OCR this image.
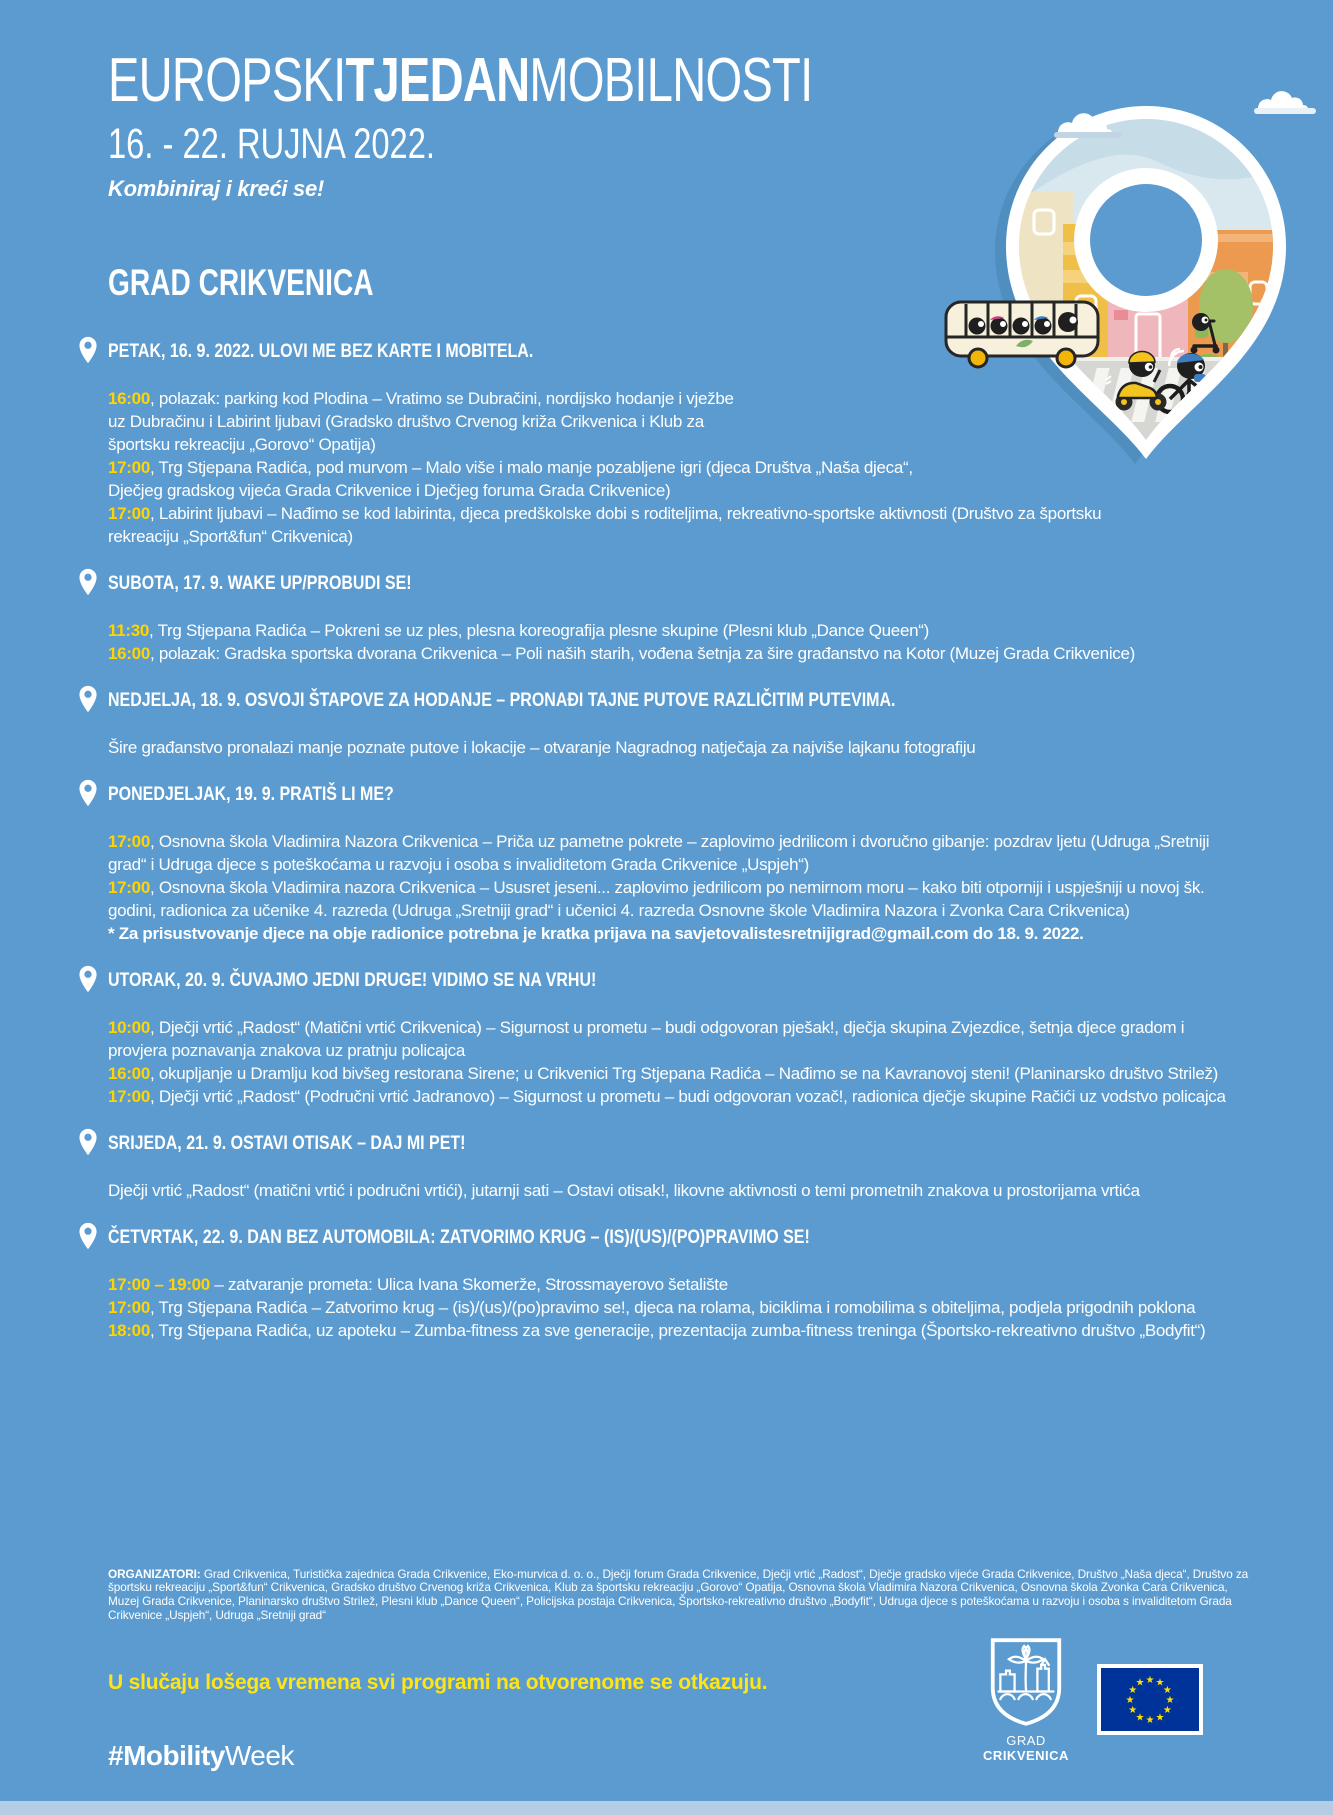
EUROPSKITJEDANMOBILNOSTI
16. - 22. RUJNA 2022.
Kombiniraj i kreći se!
GRAD CRIKVENICA
PETAK, 16. 9. 2022. ULOVI ME BEZ KARTE I MOBITELA.

16:00, polazak: parking kod Plodina – Vratimo se Dubračini, nordijsko hodanje i vježbe uz Dubračinu i Labirint ljubavi (Gradsko društvo Crvenog križa Crikvenica i Klub za športsku rekreaciju „Gorovo“ Opatija)

17:00, Trg Stjepana Radića, pod murvom – Malo više i malo manje pozabljene igri (djeca Društva „Naša djeca“, Dječjeg gradskog vijeća Grada Crikvenice i Dječjeg foruma Grada Crikvenice)

17:00, Labirint ljubavi – Nađimo se kod labirinta, djeca predškolske dobi s roditeljima, rekreativno-sportske aktivnosti (Društvo za športsku rekreaciju „Sport&fun“ Crikvenica)

SUBOTA, 17. 9. WAKE UP/PROBUDI SE!

11:30, Trg Stjepana Radića – Pokreni se uz ples, plesna koreografija plesne skupine (Plesni klub „Dance Queen“)

16:00, polazak: Gradska sportska dvorana Crikvenica – Poli naših starih, vođena šetnja za šire građanstvo na Kotor (Muzej Grada Crikvenice)

NEDJELJA, 18. 9. OSVOJI ŠTAPOVE ZA HODANJE – PRONAĐI TAJNE PUTOVE RAZLIČITIM PUTEVIMA.

Šire građanstvo pronalazi manje poznate putove i lokacije – otvaranje Nagradnog natječaja za najviše lajkanu fotografiju

PONEDJELJAK, 19. 9. PRATIŠ LI ME?

17:00, Osnovna škola Vladimira Nazora Crikvenica – Priča uz pametne pokrete – zaplovimo jedrilicom i dvoručno gibanje: pozdrav ljetu (Udruga „Sretniji grad“ i Udruga djece s poteškoćama u razvoju i osoba s invaliditetom Grada Crikvenice „Uspjeh“)

17:00, Osnovna škola Vladimira nazora Crikvenica – Ususret jeseni... zaplovimo jedrilicom po nemirnom moru – kako biti otporniji i uspješniji u novoj šk. godini, radionica za učenike 4. razreda (Udruga „Sretniji grad“ i učenici 4. razreda Osnovne škole Vladimira Nazora i Zvonka Cara Crikvenica)

* Za prisustvovanje djece na obje radionice potrebna je kratka prijava na savjetovalistesretnijigrad@gmail.com do 18. 9. 2022.

UTORAK, 20. 9. ČUVAJMO JEDNI DRUGE! VIDIMO SE NA VRHU!

10:00, Dječji vrtić „Radost“ (Matični vrtić Crikvenica) – Sigurnost u prometu – budi odgovoran pješak!, dječja skupina Zvjezdice, šetnja djece gradom i provjera poznavanja znakova uz pratnju policajca

16:00, okupljanje u Dramlju kod bivšeg restorana Sirene; u Crikvenici Trg Stjepana Radića – Nađimo se na Kavranovoj steni! (Planinarsko društvo Strilež)

17:00, Dječji vrtić „Radost“ (Područni vrtić Jadranovo) – Sigurnost u prometu – budi odgovoran vozač!, radionica dječje skupine Račići uz vodstvo policajca

SRIJEDA, 21. 9. OSTAVI OTISAK – DAJ MI PET!

Dječji vrtić „Radost“ (matični vrtić i područni vrtići), jutarnji sati – Ostavi otisak!, likovne aktivnosti o temi prometnih znakova u prostorijama vrtića

ČETVRTAK, 22. 9. DAN BEZ AUTOMOBILA: ZATVORIMO KRUG – (IS)/(US)/(PO)PRAVIMO SE!

17:00 – 19:00 – zatvaranje prometa: Ulica Ivana Skomerže, Strossmayerovo šetalište

17:00, Trg Stjepana Radića – Zatvorimo krug – (is)/(us)/(po)pravimo se!, djeca na rolama, biciklima i romobilima s obiteljima, podjela prigodnih poklona

18:00, Trg Stjepana Radića, uz apoteku – Zumba-fitness za sve generacije, prezentacija zumba-fitness treninga (Športsko-rekreativno društvo „Bodyfit“)

ORGANIZATORI: Grad Crikvenica, Turistička zajednica Grada Crikvenice, Eko-murvica d. o. o., Dječji forum Grada Crikvenice, Dječji vrtić „Radost“, Dječje gradsko vijeće Grada Crikvenice, Društvo „Naša djeca“, Društvo za športsku rekreaciju „Sport&fun“ Crikvenica, Gradsko društvo Crvenog križa Crikvenica, Klub za športsku rekreaciju „Gorovo“ Opatija, Osnovna škola Vladimira Nazora Crikvenica, Osnovna škola Zvonka Cara Crikvenica, Muzej Grada Crikvenice, Planinarsko društvo Strilež, Plesni klub „Dance Queen“, Policijska postaja Crikvenica, Športsko-rekreativno društvo „Bodyfit“, Udruga djece s poteškoćama u razvoju i osoba s invaliditetom Grada Crikvenice „Uspjeh“, Udruga „Sretniji grad“

U slučaju lošega vremena svi programi na otvorenome se otkazuju.

#MobilityWeek	GRAD
CRIKVENICA
★ ★
★
★
★
★
★
★
★
★
★
★
